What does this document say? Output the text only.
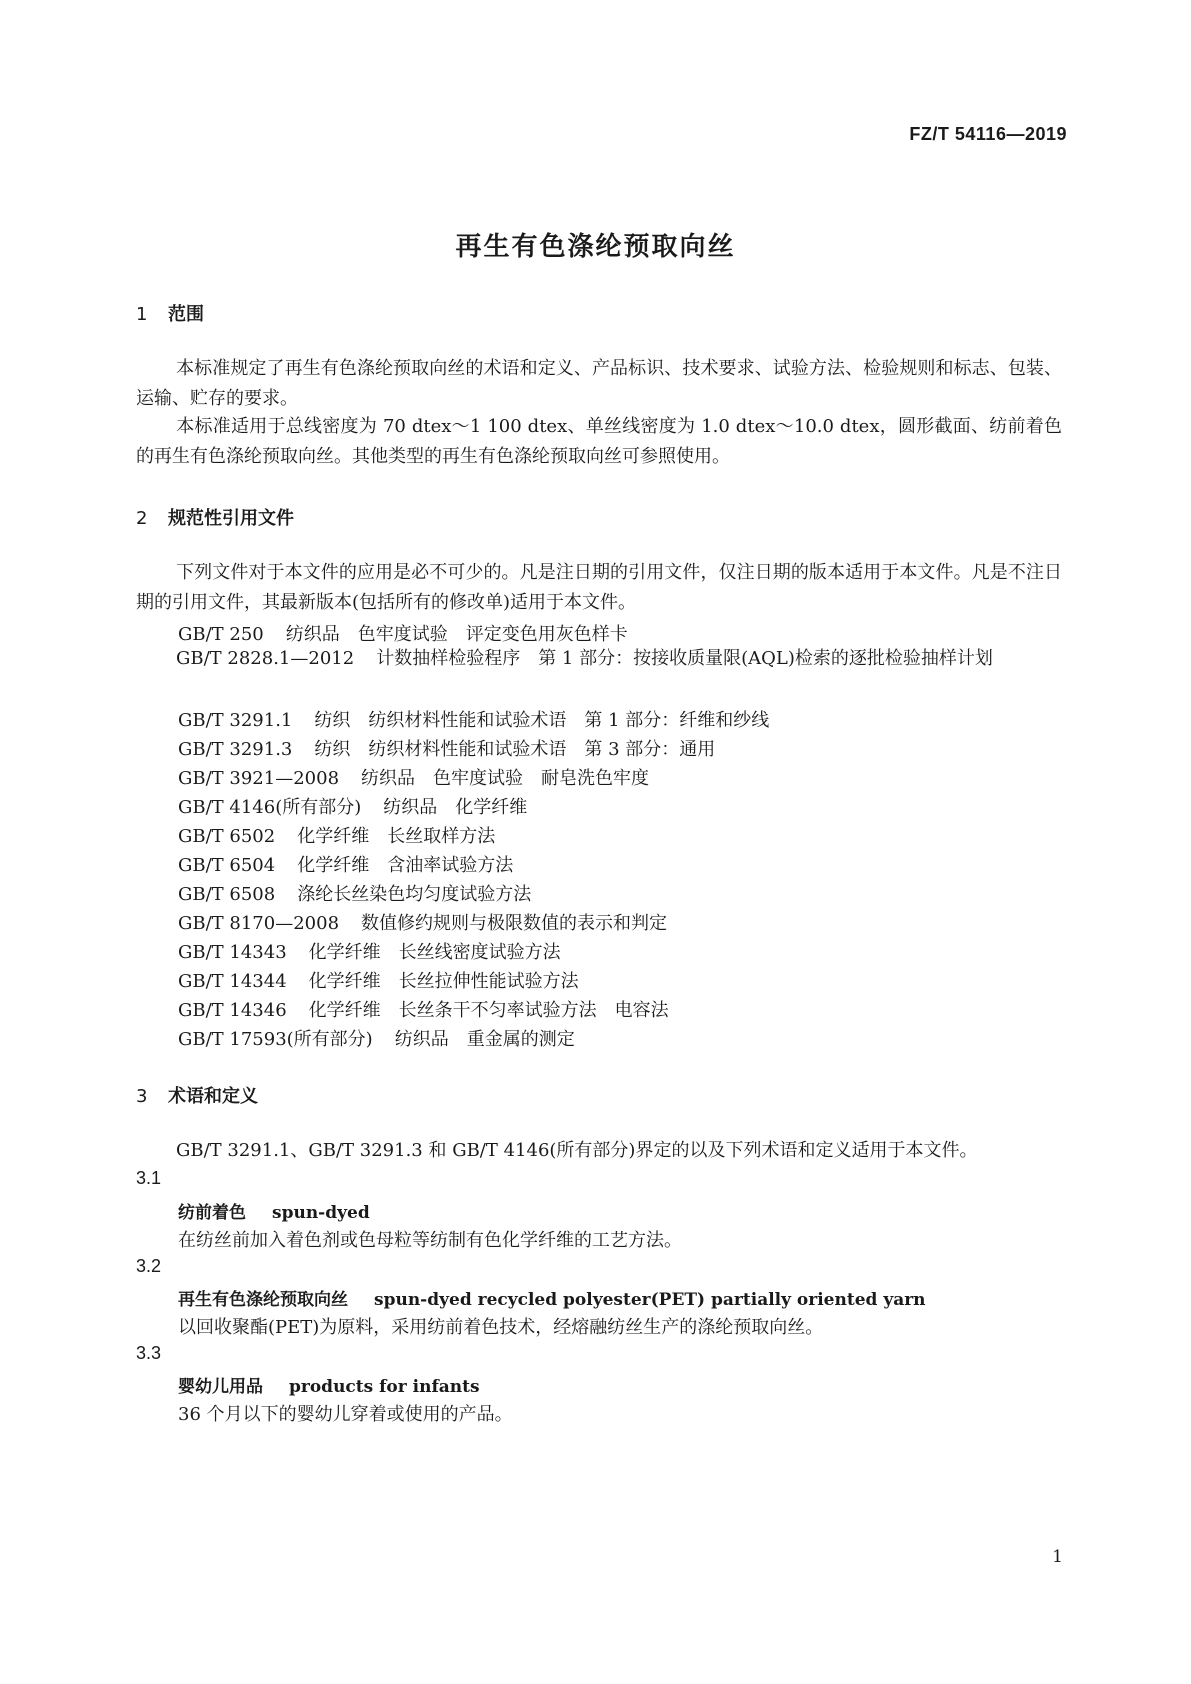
FZ/T 54116—2019
再生有色涤纶预取向丝
1 范围
本标准规定了再生有色涤纶预取向丝的术语和定义、产品标识、技术要求、试验方法、检验规则和标志、包装、运输、贮存的要求。
本标准适用于总线密度为 70 dtex～1 100 dtex、单丝线密度为 1.0 dtex～10.0 dtex，圆形截面、纺前着色的再生有色涤纶预取向丝。其他类型的再生有色涤纶预取向丝可参照使用。
2 规范性引用文件
下列文件对于本文件的应用是必不可少的。凡是注日期的引用文件，仅注日期的版本适用于本文件。凡是不注日期的引用文件，其最新版本(包括所有的修改单)适用于本文件。
GB/T 250 纺织品　色牢度试验　评定变色用灰色样卡
GB/T 2828.1—2012 计数抽样检验程序　第 1 部分：按接收质量限(AQL)检索的逐批检验抽样计划
GB/T 3291.1 纺织　纺织材料性能和试验术语　第 1 部分：纤维和纱线
GB/T 3291.3 纺织　纺织材料性能和试验术语　第 3 部分：通用
GB/T 3921—2008 纺织品　色牢度试验　耐皂洗色牢度
GB/T 4146(所有部分) 纺织品　化学纤维
GB/T 6502 化学纤维　长丝取样方法
GB/T 6504 化学纤维　含油率试验方法
GB/T 6508 涤纶长丝染色均匀度试验方法
GB/T 8170—2008 数值修约规则与极限数值的表示和判定
GB/T 14343 化学纤维　长丝线密度试验方法
GB/T 14344 化学纤维　长丝拉伸性能试验方法
GB/T 14346 化学纤维　长丝条干不匀率试验方法　电容法
GB/T 17593(所有部分) 纺织品　重金属的测定
3 术语和定义
GB/T 3291.1、GB/T 3291.3 和 GB/T 4146(所有部分)界定的以及下列术语和定义适用于本文件。
3.1
纺前着色 spun-dyed
在纺丝前加入着色剂或色母粒等纺制有色化学纤维的工艺方法。
3.2
再生有色涤纶预取向丝 spun-dyed recycled polyester(PET) partially oriented yarn
以回收聚酯(PET)为原料，采用纺前着色技术，经熔融纺丝生产的涤纶预取向丝。
3.3
婴幼儿用品 products for infants
36 个月以下的婴幼儿穿着或使用的产品。
1
